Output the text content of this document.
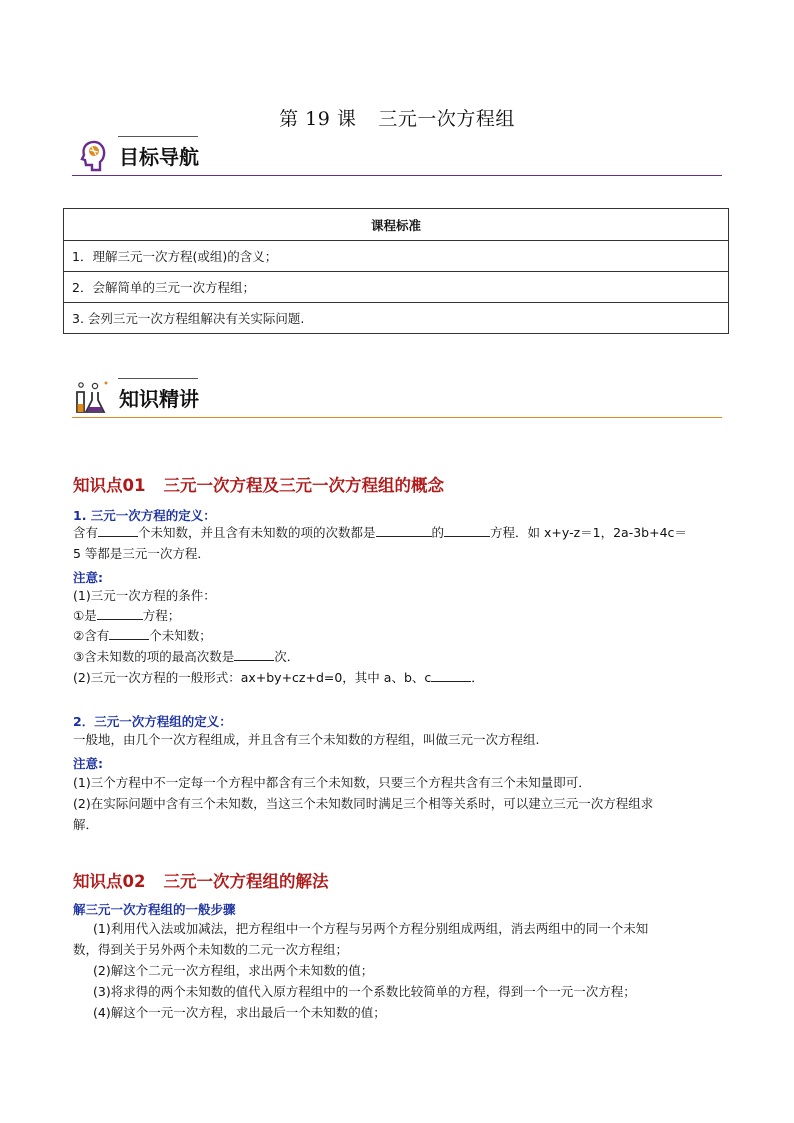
第 19 课 三元一次方程组
目标导航
课程标准
1．理解三元一次方程(或组)的含义；
2．会解简单的三元一次方程组；
3. 会列三元一次方程组解决有关实际问题.
知识精讲
知识点01 三元一次方程及三元一次方程组的概念
1. 三元一次方程的定义：
含有	个未知数，并且含有未知数的项的次数都是	的	方程．如 x+y-z＝1，2a-3b+4c＝
5 等都是三元一次方程．
注意:
(1)三元一次方程的条件：
①是	方程；
②含有	个未知数；
③含未知数的项的最高次数是	次．
(2)三元一次方程的一般形式：ax+by+cz+d=0，其中 a、b、c	．
2．三元一次方程组的定义：
一般地，由几个一次方程组成，并且含有三个未知数的方程组，叫做三元一次方程组.
注意:
(1)三个方程中不一定每一个方程中都含有三个未知数，只要三个方程共含有三个未知量即可．
(2)在实际问题中含有三个未知数，当这三个未知数同时满足三个相等关系时，可以建立三元一次方程组求
解．
知识点02 三元一次方程组的解法
解三元一次方程组的一般步骤
(1)利用代入法或加减法，把方程组中一个方程与另两个方程分别组成两组，消去两组中的同一个未知
数，得到关于另外两个未知数的二元一次方程组；
(2)解这个二元一次方程组，求出两个未知数的值；
(3)将求得的两个未知数的值代入原方程组中的一个系数比较简单的方程，得到一个一元一次方程；
(4)解这个一元一次方程，求出最后一个未知数的值；
